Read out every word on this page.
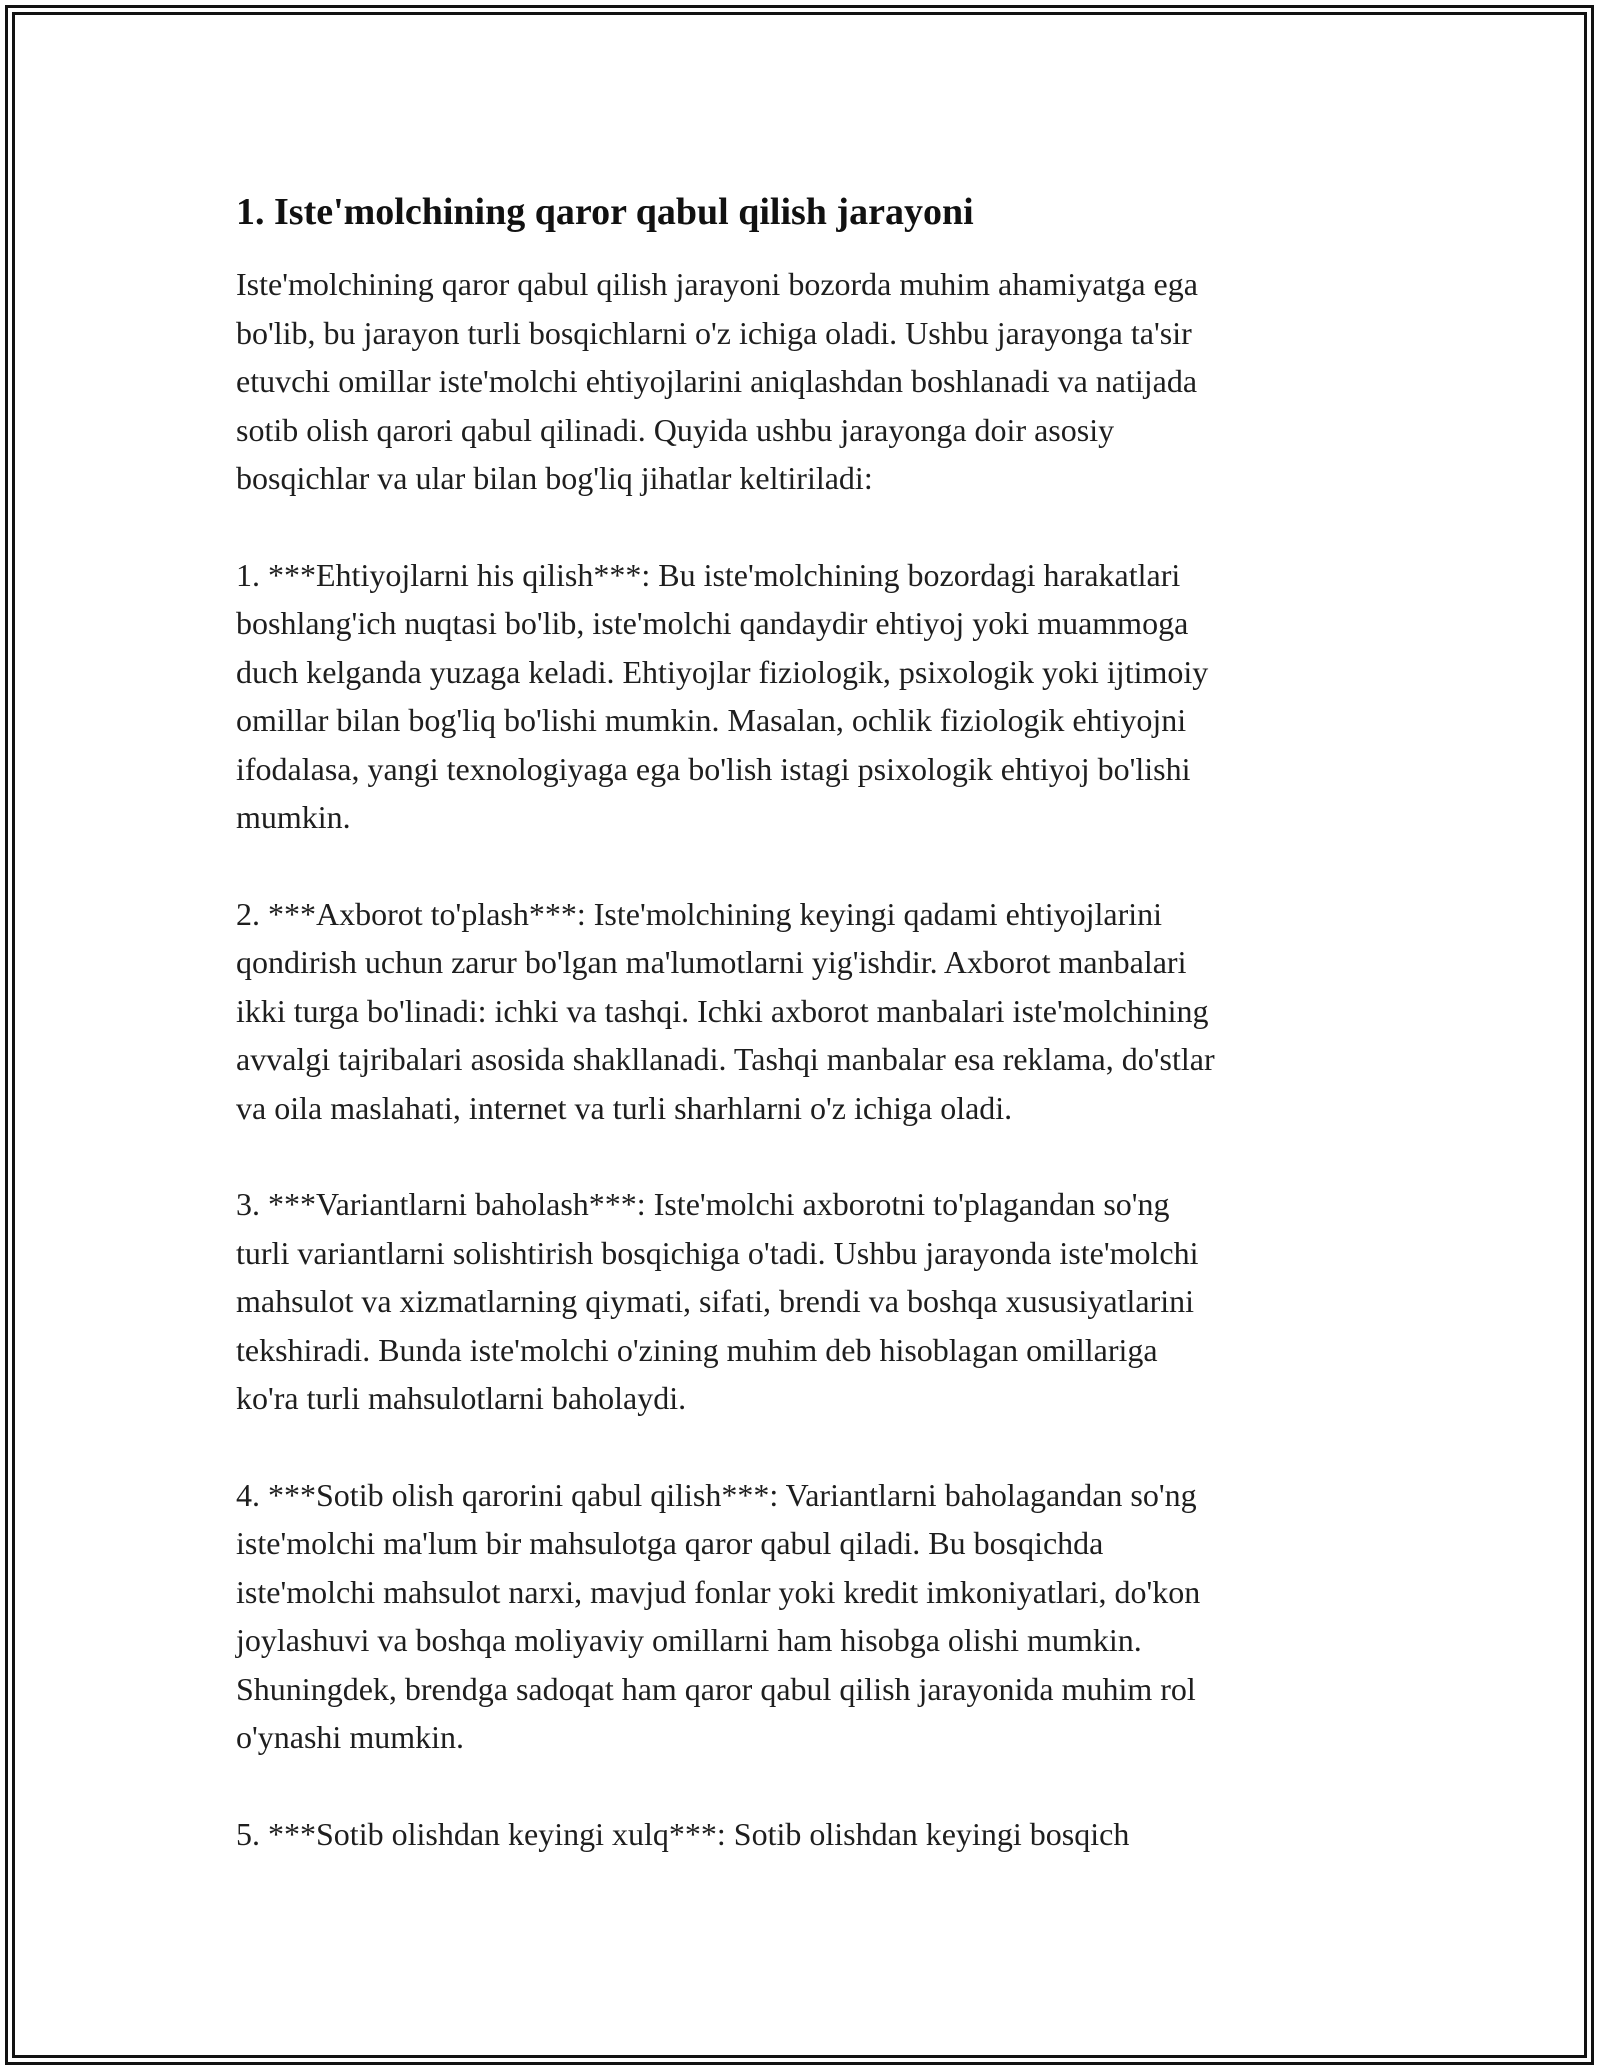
1. Iste'molchining qaror qabul qilish jarayoni

Iste'molchining qaror qabul qilish jarayoni bozorda muhim ahamiyatga ega
bo'lib, bu jarayon turli bosqichlarni o'z ichiga oladi. Ushbu jarayonga ta'sir
etuvchi omillar iste'molchi ehtiyojlarini aniqlashdan boshlanadi va natijada
sotib olish qarori qabul qilinadi. Quyida ushbu jarayonga doir asosiy
bosqichlar va ular bilan bog'liq jihatlar keltiriladi:

1. ***Ehtiyojlarni his qilish***: Bu iste'molchining bozordagi harakatlari
boshlang'ich nuqtasi bo'lib, iste'molchi qandaydir ehtiyoj yoki muammoga
duch kelganda yuzaga keladi. Ehtiyojlar fiziologik, psixologik yoki ijtimoiy
omillar bilan bog'liq bo'lishi mumkin. Masalan, ochlik fiziologik ehtiyojni
ifodalasa, yangi texnologiyaga ega bo'lish istagi psixologik ehtiyoj bo'lishi
mumkin.

2. ***Axborot to'plash***: Iste'molchining keyingi qadami ehtiyojlarini
qondirish uchun zarur bo'lgan ma'lumotlarni yig'ishdir. Axborot manbalari
ikki turga bo'linadi: ichki va tashqi. Ichki axborot manbalari iste'molchining
avvalgi tajribalari asosida shakllanadi. Tashqi manbalar esa reklama, do'stlar
va oila maslahati, internet va turli sharhlarni o'z ichiga oladi.

3. ***Variantlarni baholash***: Iste'molchi axborotni to'plagandan so'ng
turli variantlarni solishtirish bosqichiga o'tadi. Ushbu jarayonda iste'molchi
mahsulot va xizmatlarning qiymati, sifati, brendi va boshqa xususiyatlarini
tekshiradi. Bunda iste'molchi o'zining muhim deb hisoblagan omillariga
ko'ra turli mahsulotlarni baholaydi.

4. ***Sotib olish qarorini qabul qilish***: Variantlarni baholagandan so'ng
iste'molchi ma'lum bir mahsulotga qaror qabul qiladi. Bu bosqichda
iste'molchi mahsulot narxi, mavjud fonlar yoki kredit imkoniyatlari, do'kon
joylashuvi va boshqa moliyaviy omillarni ham hisobga olishi mumkin.
Shuningdek, brendga sadoqat ham qaror qabul qilish jarayonida muhim rol
o'ynashi mumkin.

5. ***Sotib olishdan keyingi xulq***: Sotib olishdan keyingi bosqich
